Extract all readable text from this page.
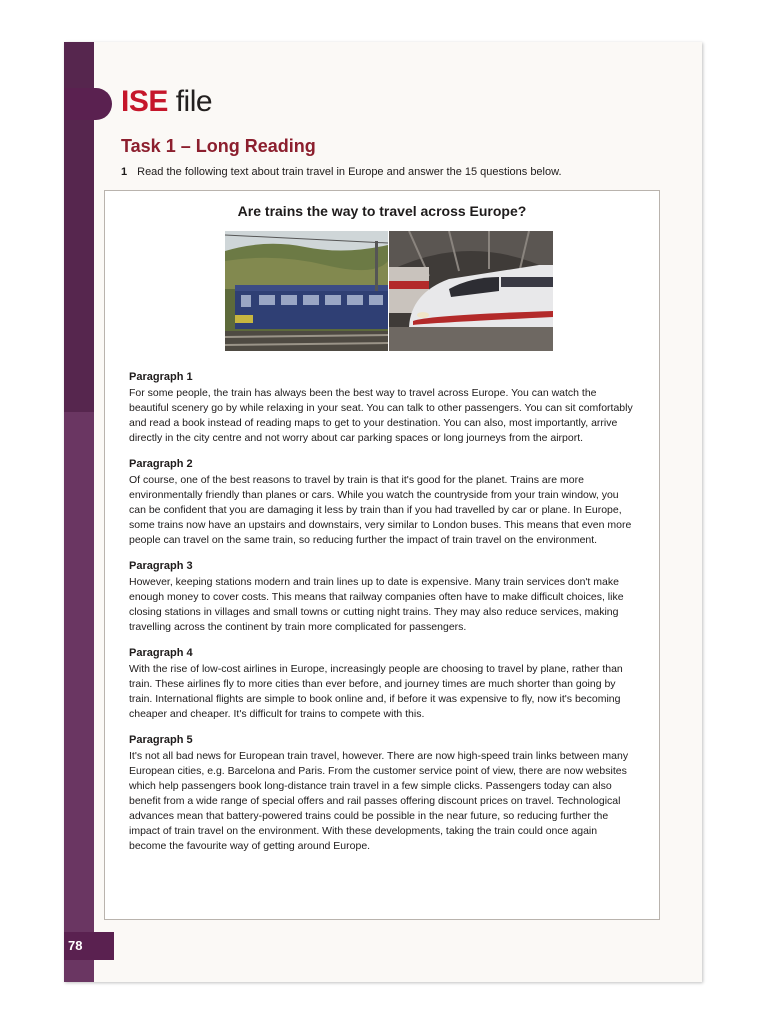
ISE file
Task 1 – Long Reading
1 Read the following text about train travel in Europe and answer the 15 questions below.
Are trains the way to travel across Europe?

Paragraph 1

For some people, the train has always been the best way to travel across Europe. You can watch the beautiful scenery go by while relaxing in your seat. You can talk to other passengers. You can sit comfortably and read a book instead of reading maps to get to your destination. You can also, most importantly, arrive directly in the city centre and not worry about car parking spaces or long journeys from the airport.

Paragraph 2

Of course, one of the best reasons to travel by train is that it's good for the planet. Trains are more environmentally friendly than planes or cars. While you watch the countryside from your train window, you can be confident that you are damaging it less by train than if you had travelled by car or plane. In Europe, some trains now have an upstairs and downstairs, very similar to London buses. This means that even more people can travel on the same train, so reducing further the impact of train travel on the environment.

Paragraph 3

However, keeping stations modern and train lines up to date is expensive. Many train services don't make enough money to cover costs. This means that railway companies often have to make difficult choices, like closing stations in villages and small towns or cutting night trains. They may also reduce services, making travelling across the continent by train more complicated for passengers.

Paragraph 4

With the rise of low-cost airlines in Europe, increasingly people are choosing to travel by plane, rather than train. These airlines fly to more cities than ever before, and journey times are much shorter than going by train. International flights are simple to book online and, if before it was expensive to fly, now it's becoming cheaper and cheaper. It's difficult for trains to compete with this.

Paragraph 5

It's not all bad news for European train travel, however. There are now high-speed train links between many European cities, e.g. Barcelona and Paris. From the customer service point of view, there are now websites which help passengers book long-distance train travel in a few simple clicks. Passengers today can also benefit from a wide range of special offers and rail passes offering discount prices on travel. Technological advances mean that battery-powered trains could be possible in the near future, so reducing further the impact of train travel on the environment. With these developments, taking the train could once again become the favourite way of getting around Europe.

78
